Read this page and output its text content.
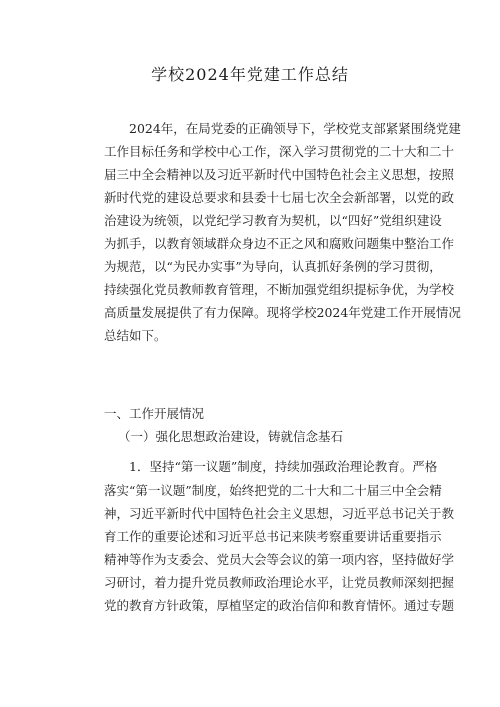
学校2024年党建工作总结
2024年，在局党委的正确领导下，学校党支部紧紧围绕党建
工作目标任务和学校中心工作，深入学习贯彻党的二十大和二十
届三中全会精神以及习近平新时代中国特色社会主义思想，按照
新时代党的建设总要求和县委十七届七次全会新部署，以党的政
治建设为统领，以党纪学习教育为契机，以“四好”党组织建设
为抓手，以教育领域群众身边不正之风和腐败问题集中整治工作
为规范，以“为民办实事”为导向，认真抓好条例的学习贯彻，
持续强化党员教师教育管理，不断加强党组织提标争优，为学校
高质量发展提供了有力保障。现将学校2024年党建工作开展情况
总结如下。
一、工作开展情况
（一）强化思想政治建设，铸就信念基石
1．坚持“第一议题”制度，持续加强政治理论教育。严格
落实“第一议题”制度，始终把党的二十大和二十届三中全会精
神，习近平新时代中国特色社会主义思想，习近平总书记关于教
育工作的重要论述和习近平总书记来陕考察重要讲话重要指示
精神等作为支委会、党员大会等会议的第一项内容，坚持做好学
习研讨，着力提升党员教师政治理论水平，让党员教师深刻把握
党的教育方针政策，厚植坚定的政治信仰和教育情怀。通过专题
